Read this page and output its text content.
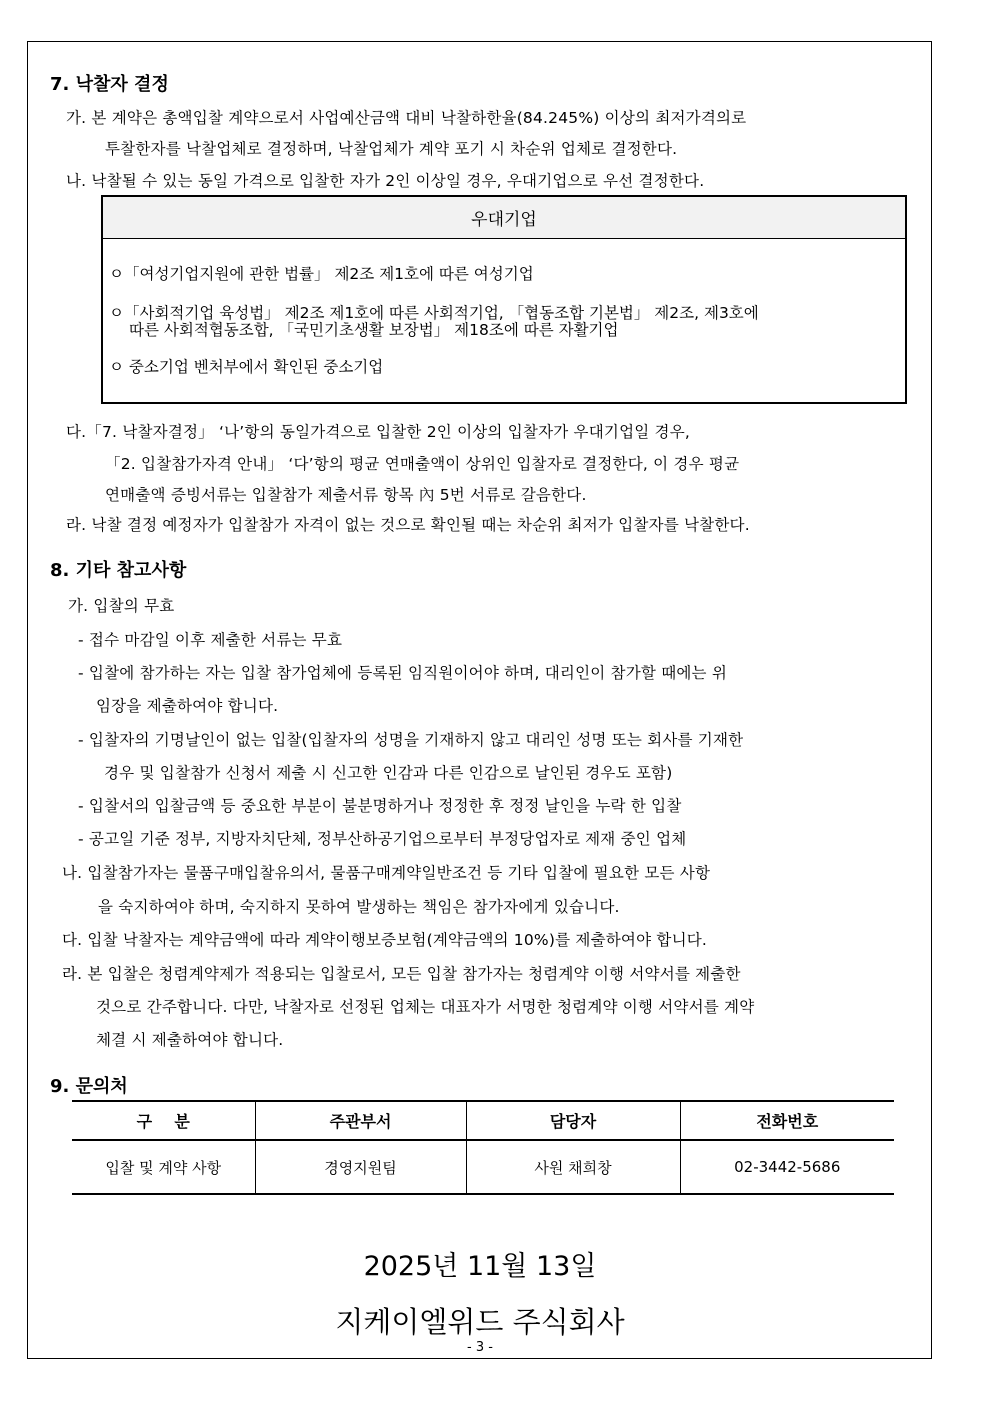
7. 낙찰자 결정
가. 본 계약은 총액입찰 계약으로서 사업예산금액 대비 낙찰하한율(84.245%) 이상의 최저가격의로
투찰한자를 낙찰업체로 결정하며, 낙찰업체가 계약 포기 시 차순위 업체로 결정한다.
나. 낙찰될 수 있는 동일 가격으로 입찰한 자가 2인 이상일 경우, 우대기업으로 우선 결정한다.
우대기업
ㅇ「여성기업지원에 관한 법률」 제2조 제1호에 따른 여성기업
ㅇ「사회적기업 육성법」 제2조 제1호에 따른 사회적기업, 「협동조합 기본법」 제2조, 제3호에
따른 사회적협동조합, 「국민기초생활 보장법」 제18조에 따른 자활기업
ㅇ 중소기업 벤처부에서 확인된 중소기업
다.「7. 낙찰자결정」 ‘나’항의 동일가격으로 입찰한 2인 이상의 입찰자가 우대기업일 경우,
「2. 입찰참가자격 안내」 ‘다’항의 평균 연매출액이 상위인 입찰자로 결정한다, 이 경우 평균
연매출액 증빙서류는 입찰참가 제출서류 항목 內 5번 서류로 갈음한다.
라. 낙찰 결정 예정자가 입찰참가 자격이 없는 것으로 확인될 때는 차순위 최저가 입찰자를 낙찰한다.
8. 기타 참고사항
가. 입찰의 무효
- 접수 마감일 이후 제출한 서류는 무효
- 입찰에 참가하는 자는 입찰 참가업체에 등록된 임직원이어야 하며, 대리인이 참가할 때에는 위
임장을 제출하여야 합니다.
- 입찰자의 기명날인이 없는 입찰(입찰자의 성명을 기재하지 않고 대리인 성명 또는 회사를 기재한
경우 및 입찰참가 신청서 제출 시 신고한 인감과 다른 인감으로 날인된 경우도 포함)
- 입찰서의 입찰금액 등 중요한 부분이 불분명하거나 정정한 후 정정 날인을 누락 한 입찰
- 공고일 기준 정부, 지방자치단체, 정부산하공기업으로부터 부정당업자로 제재 중인 업체
나. 입찰참가자는 물품구매입찰유의서, 물품구매계약일반조건 등 기타 입찰에 필요한 모든 사항
을 숙지하여야 하며, 숙지하지 못하여 발생하는 책임은 참가자에게 있습니다.
다. 입찰 낙찰자는 계약금액에 따라 계약이행보증보험(계약금액의 10%)를 제출하여야 합니다.
라. 본 입찰은 청렴계약제가 적용되는 입찰로서, 모든 입찰 참가자는 청렴계약 이행 서약서를 제출한
것으로 간주합니다. 다만, 낙찰자로 선정된 업체는 대표자가 서명한 청렴계약 이행 서약서를 계약
체결 시 제출하여야 합니다.
9. 문의처
구    분	주관부서	담당자	전화번호
입찰 및 계약 사항	경영지원팀	사원 채희창	02-3442-5686
2025년 11월 13일
지케이엘위드 주식회사
- 3 -
